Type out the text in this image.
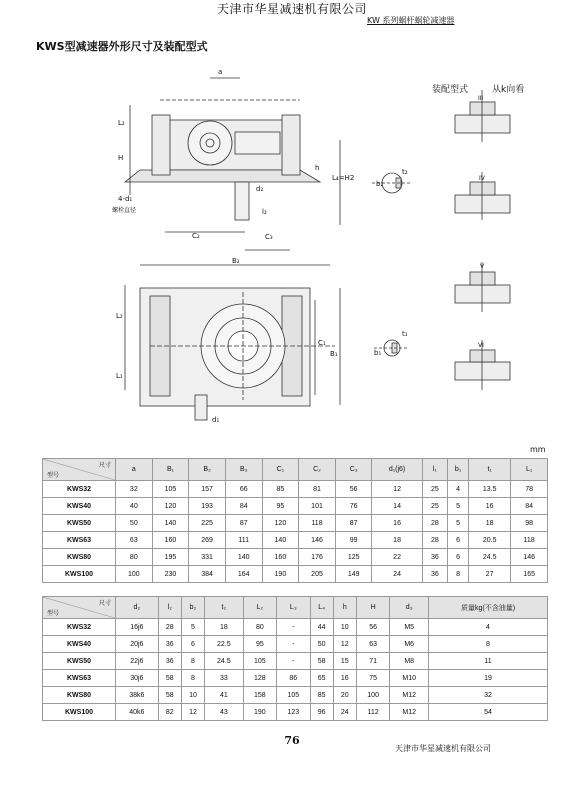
天津市华星减速机有限公司
KW 系列蜗杆蜗轮减速器
KWS型减速器外形尺寸及装配型式
装配型式	从k向看
a
L₂
H
4-d₁
螺栓直径
C₂	C₃
B₂
d₂
l₂
h
L₄=H2
b₂
t₂
L₂
L₁
C₁
B₁
d₁
t₁
b₁
III
IV
V
VI
mm
尺寸
型号	a	B₁	B₂	B₃	C₁	C₂	C₃	d₁(j6)	l₁	b₁	t₁	L₁
KWS32	32	105	157	66	85	81	56	12	25	4	13.5	78
KWS40	40	120	193	84	95	101	76	14	25	5	16	84
KWS50	50	140	225	87	120	118	87	16	28	5	18	98
KWS63	63	160	269	111	140	146	99	18	28	6	20.5	118
KWS80	80	195	331	140	160	176	125	22	36	6	24.5	146
KWS100	100	230	384	164	190	205	149	24	36	8	27	165
尺寸
型号	d₂	l₂	b₂	t₂	L₂	L₃	L₄	h	H	d₃	质量kg(不含油量)
KWS32	16j6	28	5	18	80	-	44	10	56	M5	4
KWS40	20j6	36	6	22.5	95	-	50	12	63	M6	8
KWS50	22j6	36	8	24.5	105	-	58	15	71	M8	11
KWS63	30j6	58	8	33	128	86	65	16	75	M10	19
KWS80	38k6	58	10	41	158	105	85	20	100	M12	32
KWS100	40k6	82	12	43	190	123	96	24	112	M12	54
76
天津市华星减速机有限公司
